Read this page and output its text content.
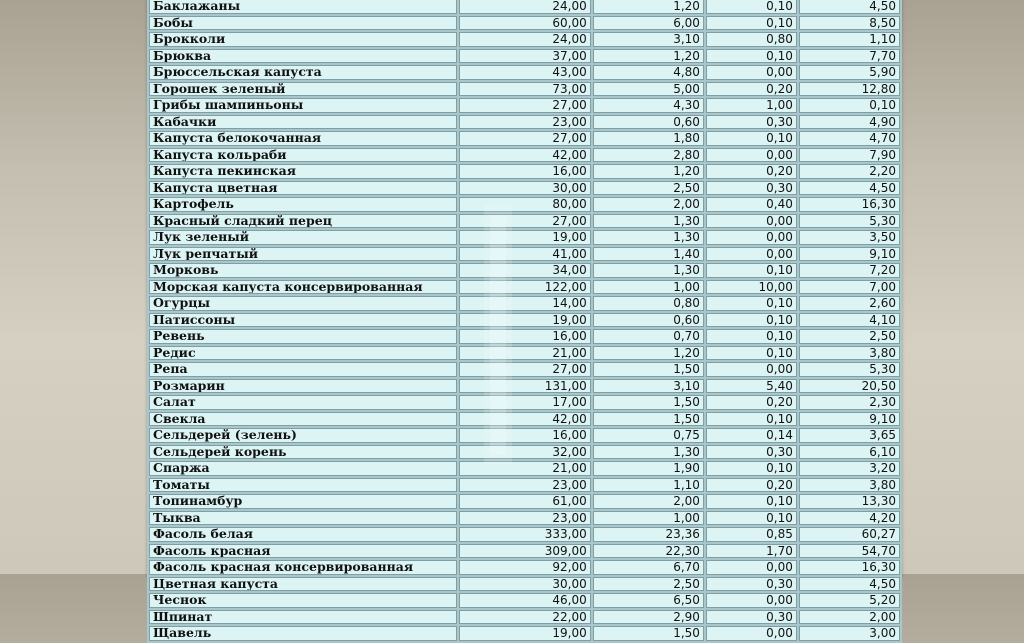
Баклажаны	24,00	1,20	0,10	4,50
Бобы	60,00	6,00	0,10	8,50
Брокколи	24,00	3,10	0,80	1,10
Брюква	37,00	1,20	0,10	7,70
Брюссельская капуста	43,00	4,80	0,00	5,90
Горошек зеленый	73,00	5,00	0,20	12,80
Грибы шампиньоны	27,00	4,30	1,00	0,10
Кабачки	23,00	0,60	0,30	4,90
Капуста белокочанная	27,00	1,80	0,10	4,70
Капуста кольраби	42,00	2,80	0,00	7,90
Капуста пекинская	16,00	1,20	0,20	2,20
Капуста цветная	30,00	2,50	0,30	4,50
Картофель	80,00	2,00	0,40	16,30
Красный сладкий перец	27,00	1,30	0,00	5,30
Лук зеленый	19,00	1,30	0,00	3,50
Лук репчатый	41,00	1,40	0,00	9,10
Морковь	34,00	1,30	0,10	7,20
Морская капуста консервированная	122,00	1,00	10,00	7,00
Огурцы	14,00	0,80	0,10	2,60
Патиссоны	19,00	0,60	0,10	4,10
Ревень	16,00	0,70	0,10	2,50
Редис	21,00	1,20	0,10	3,80
Репа	27,00	1,50	0,00	5,30
Розмарин	131,00	3,10	5,40	20,50
Салат	17,00	1,50	0,20	2,30
Свекла	42,00	1,50	0,10	9,10
Сельдерей (зелень)	16,00	0,75	0,14	3,65
Сельдерей корень	32,00	1,30	0,30	6,10
Спаржа	21,00	1,90	0,10	3,20
Томаты	23,00	1,10	0,20	3,80
Топинамбур	61,00	2,00	0,10	13,30
Тыква	23,00	1,00	0,10	4,20
Фасоль белая	333,00	23,36	0,85	60,27
Фасоль красная	309,00	22,30	1,70	54,70
Фасоль красная консервированная	92,00	6,70	0,00	16,30
Цветная капуста	30,00	2,50	0,30	4,50
Чеснок	46,00	6,50	0,00	5,20
Шпинат	22,00	2,90	0,30	2,00
Щавель	19,00	1,50	0,00	3,00
